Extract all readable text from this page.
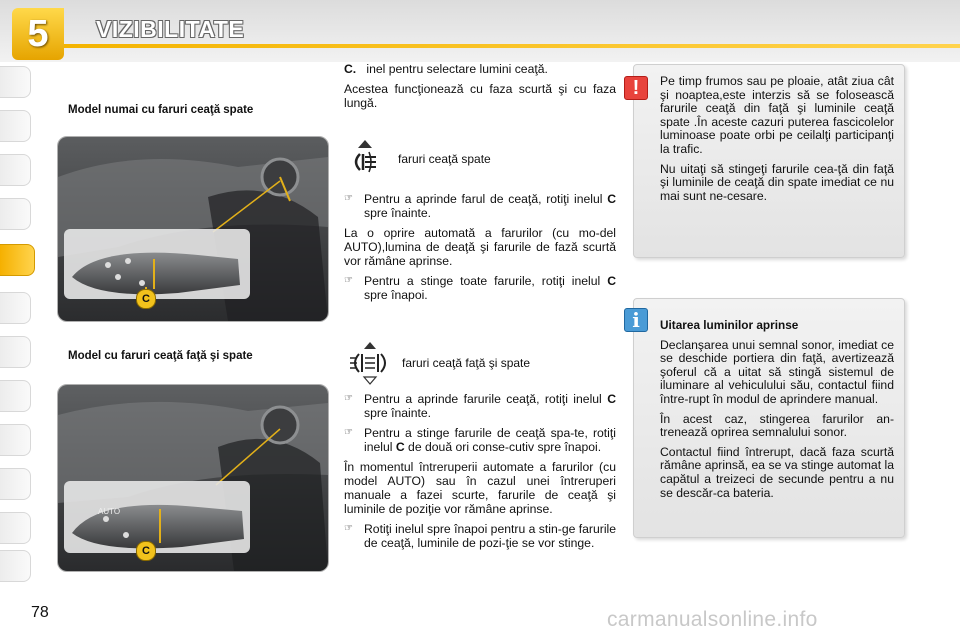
5	VIZIBILITATE
Model numai cu faruri ceaţă spate
Model cu faruri ceaţă faţă şi spate
C
AUTO
C

C. inel pentru selectare lumini ceaţă.

Acestea funcţionează cu faza scurtă şi cu faza lungă.

faruri ceaţă spate
☞ Pentru a aprinde farul de ceaţă, rotiţi inelul C spre înainte.

La o oprire automată a farurilor (cu mo-del AUTO),lumina de deaţă şi farurile de fază scurtă vor rămâne aprinse.

☞ Pentru a stinge toate farurile, rotiţi inelul C spre înapoi.
faruri ceaţă faţă şi spate
☞ Pentru a aprinde farurile ceaţă, rotiţi inelul C spre înainte.
☞ Pentru a stinge farurile de ceaţă spa-te, rotiţi inelul C de două ori conse-cutiv spre înapoi.

În momentul întreruperii automate a farurilor (cu model AUTO) sau în cazul unei întreruperi manuale a fazei scurte, farurile de ceaţă şi luminile de poziţie vor rămâne aprinse.

☞ Rotiţi inelul spre înapoi pentru a stin-ge farurile de ceaţă, luminile de pozi-ţie se vor stinge.

Pe timp frumos sau pe ploaie, atât ziua cât şi noaptea,este interzis să se folosească farurile ceaţă din faţă şi luminile ceaţă spate .În aceste cazuri puterea fascicolelor luminoase poate orbi pe ceilalţi participanţi la trafic.

Nu uitaţi să stingeţi farurile cea-ţă din faţă şi luminile de ceaţă din spate imediat ce nu mai sunt ne-cesare.

!
Uitarea luminilor aprinse

Declanşarea unui semnal sonor, imediat ce se deschide portiera din faţă, avertizează şoferul că a uitat să stingă sistemul de iluminare al vehiculului său, contactul fiind între-rupt în modul de aprindere manual.

În acest caz, stingerea farurilor an-trenează oprirea semnalului sonor.

Contactul fiind întrerupt, dacă faza scurtă rămâne aprinsă, ea se va stinge automat la capătul a treizeci de secunde pentru a nu se descăr-ca bateria.

i
78	carmanualsonline.info
